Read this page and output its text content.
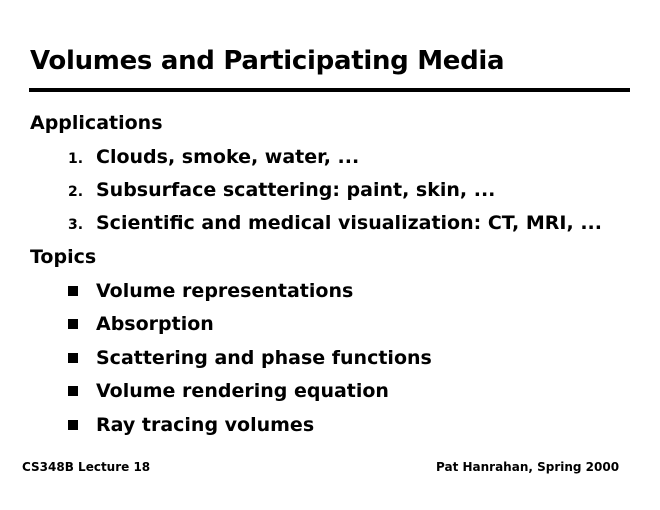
Volumes and Participating Media
Applications
1. Clouds, smoke, water, ...
2. Subsurface scattering: paint, skin, ...
3. Scientific and medical visualization: CT, MRI, ...
Topics
Volume representations
Absorption
Scattering and phase functions
Volume rendering equation
Ray tracing volumes
CS348B Lecture 18	Pat Hanrahan, Spring 2000
